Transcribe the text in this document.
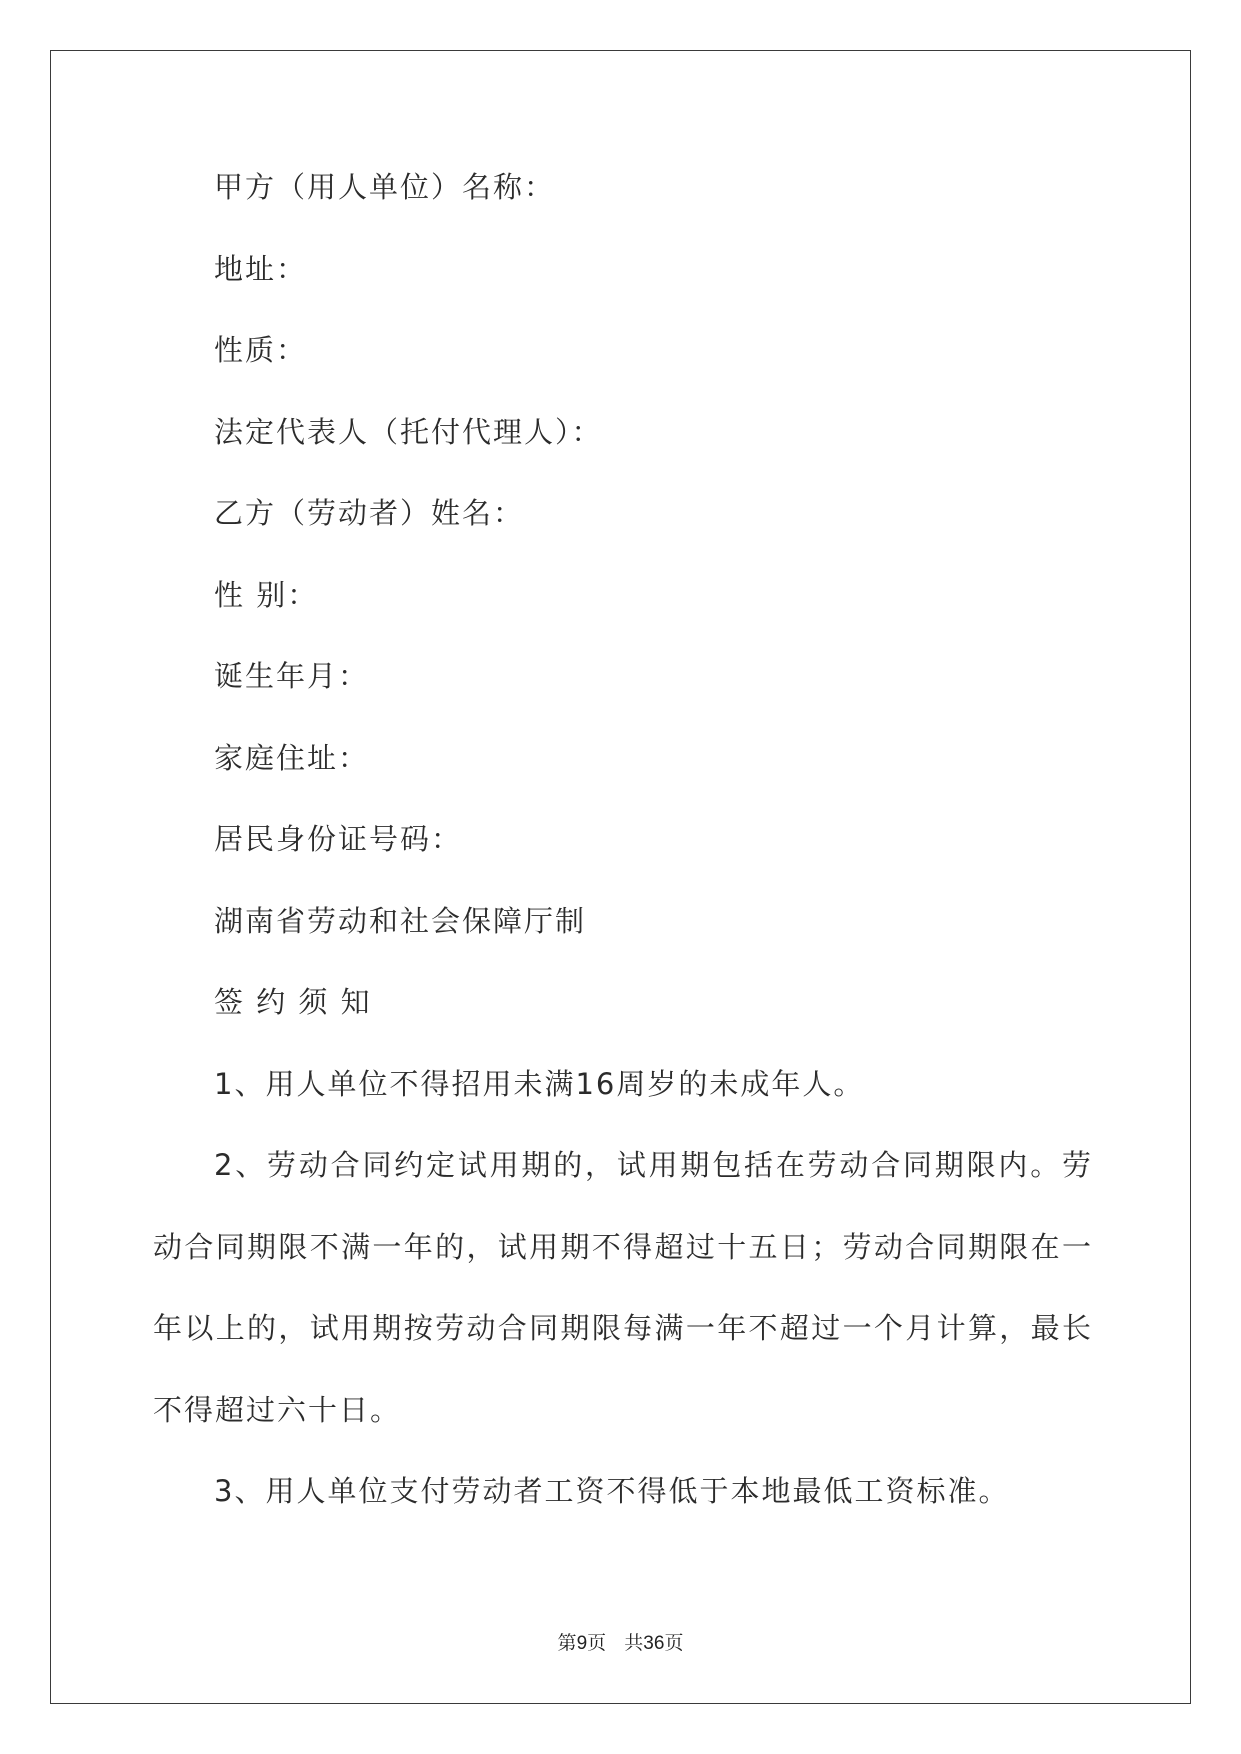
甲方（用人单位）名称：
地址：
性质：
法定代表人（托付代理人）：
乙方（劳动者）姓名：
性 别：
诞生年月：
家庭住址：
居民身份证号码：
湖南省劳动和社会保障厅制
签 约 须 知

1、用人单位不得招用未满16周岁的未成年人。

2、劳动合同约定试用期的，试用期包括在劳动合同期限内。劳动合同期限不满一年的，试用期不得超过十五日；劳动合同期限在一年以上的，试用期按劳动合同期限每满一年不超过一个月计算，最长不得超过六十日。

3、用人单位支付劳动者工资不得低于本地最低工资标准。

第9页 共36页
